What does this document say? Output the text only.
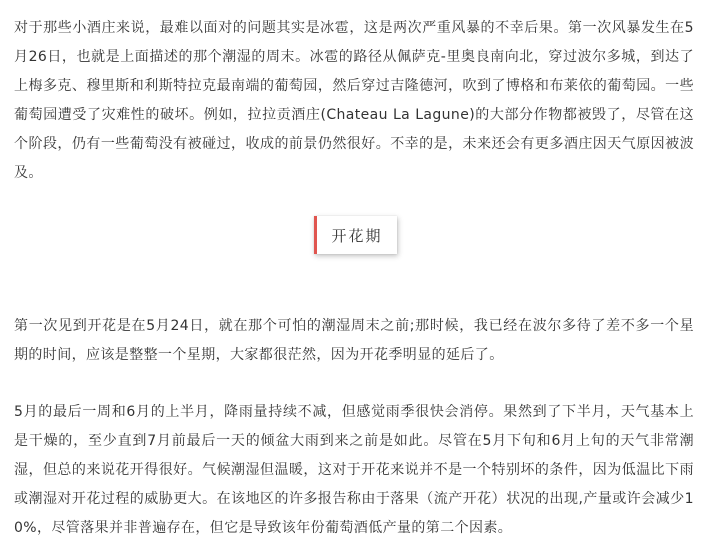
对于那些小酒庄来说，最难以面对的问题其实是冰雹，这是两次严重风暴的不幸后果。第一次风暴发生在5月26日，也就是上面描述的那个潮湿的周末。冰雹的路径从佩萨克-里奥良南向北，穿过波尔多城，到达了上梅多克、穆里斯和利斯特拉克最南端的葡萄园，然后穿过吉隆德河，吹到了博格和布莱依的葡萄园。一些葡萄园遭受了灾难性的破坏。例如，拉拉贡酒庄(Chateau La Lagune)的大部分作物都被毁了，尽管在这个阶段，仍有一些葡萄没有被碰过，收成的前景仍然很好。不幸的是，未来还会有更多酒庄因天气原因被波及。

开花期

第一次见到开花是在5月24日，就在那个可怕的潮湿周末之前;那时候，我已经在波尔多待了差不多一个星期的时间，应该是整整一个星期，大家都很茫然，因为开花季明显的延后了。

5月的最后一周和6月的上半月，降雨量持续不减，但感觉雨季很快会消停。果然到了下半月，天气基本上是干燥的，至少直到7月前最后一天的倾盆大雨到来之前是如此。尽管在5月下旬和6月上旬的天气非常潮湿，但总的来说花开得很好。气候潮湿但温暖，这对于开花来说并不是一个特别坏的条件，因为低温比下雨或潮湿对开花过程的威胁更大。在该地区的许多报告称由于落果（流产开花）状况的出现,产量或许会减少10%，尽管落果并非普遍存在，但它是导致该年份葡萄酒低产量的第二个因素。
